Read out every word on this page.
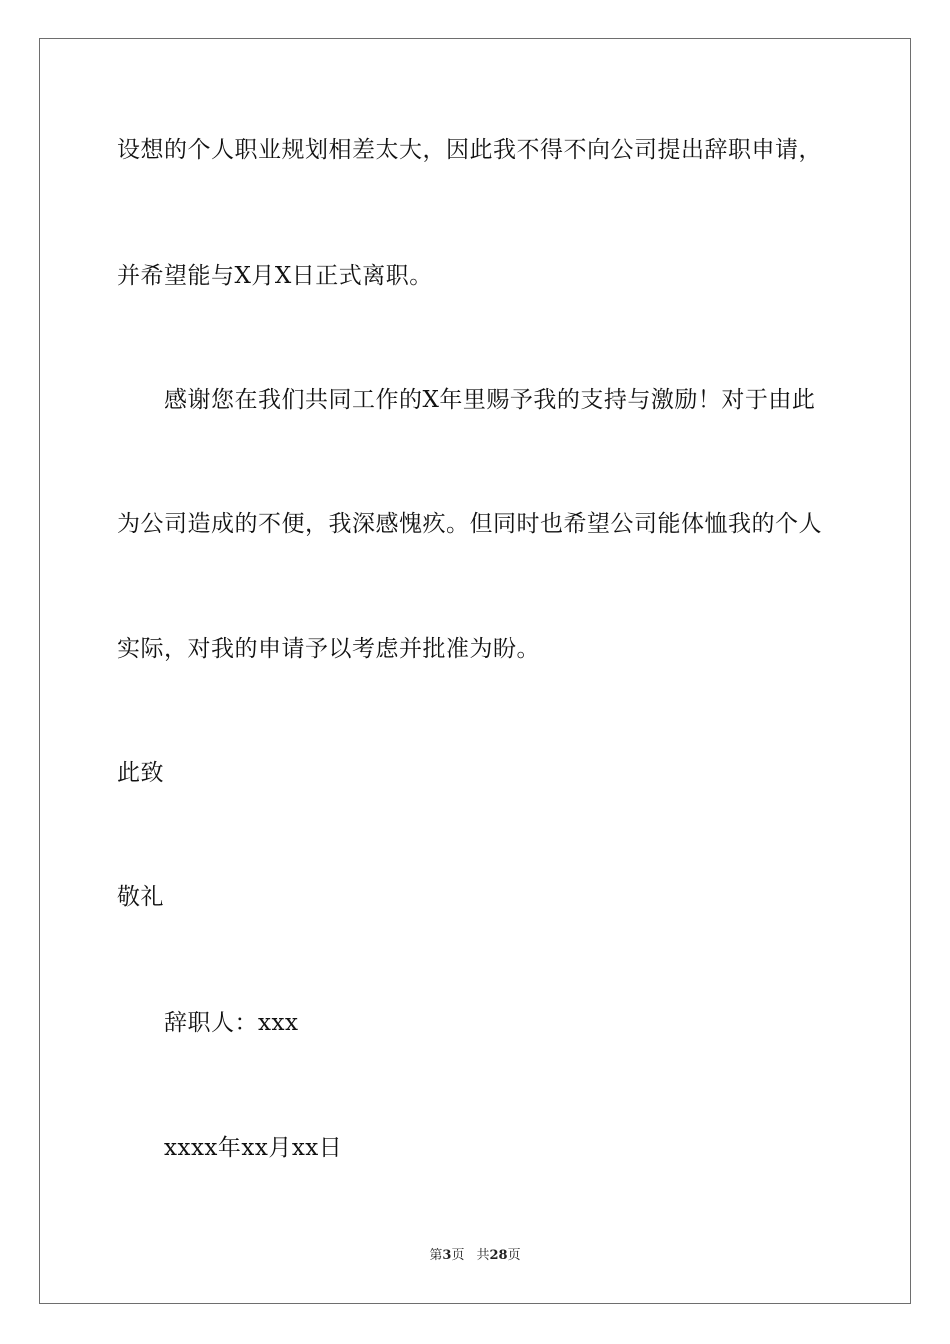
设想的个人职业规划相差太大，因此我不得不向公司提出辞职申请，
并希望能与X月X日正式离职。
感谢您在我们共同工作的X年里赐予我的支持与激励！对于由此
为公司造成的不便，我深感愧疚。但同时也希望公司能体恤我的个人
实际，对我的申请予以考虑并批准为盼。
此致
敬礼
辞职人：xxx
xxxx年xx月xx日
第3页 共28页
